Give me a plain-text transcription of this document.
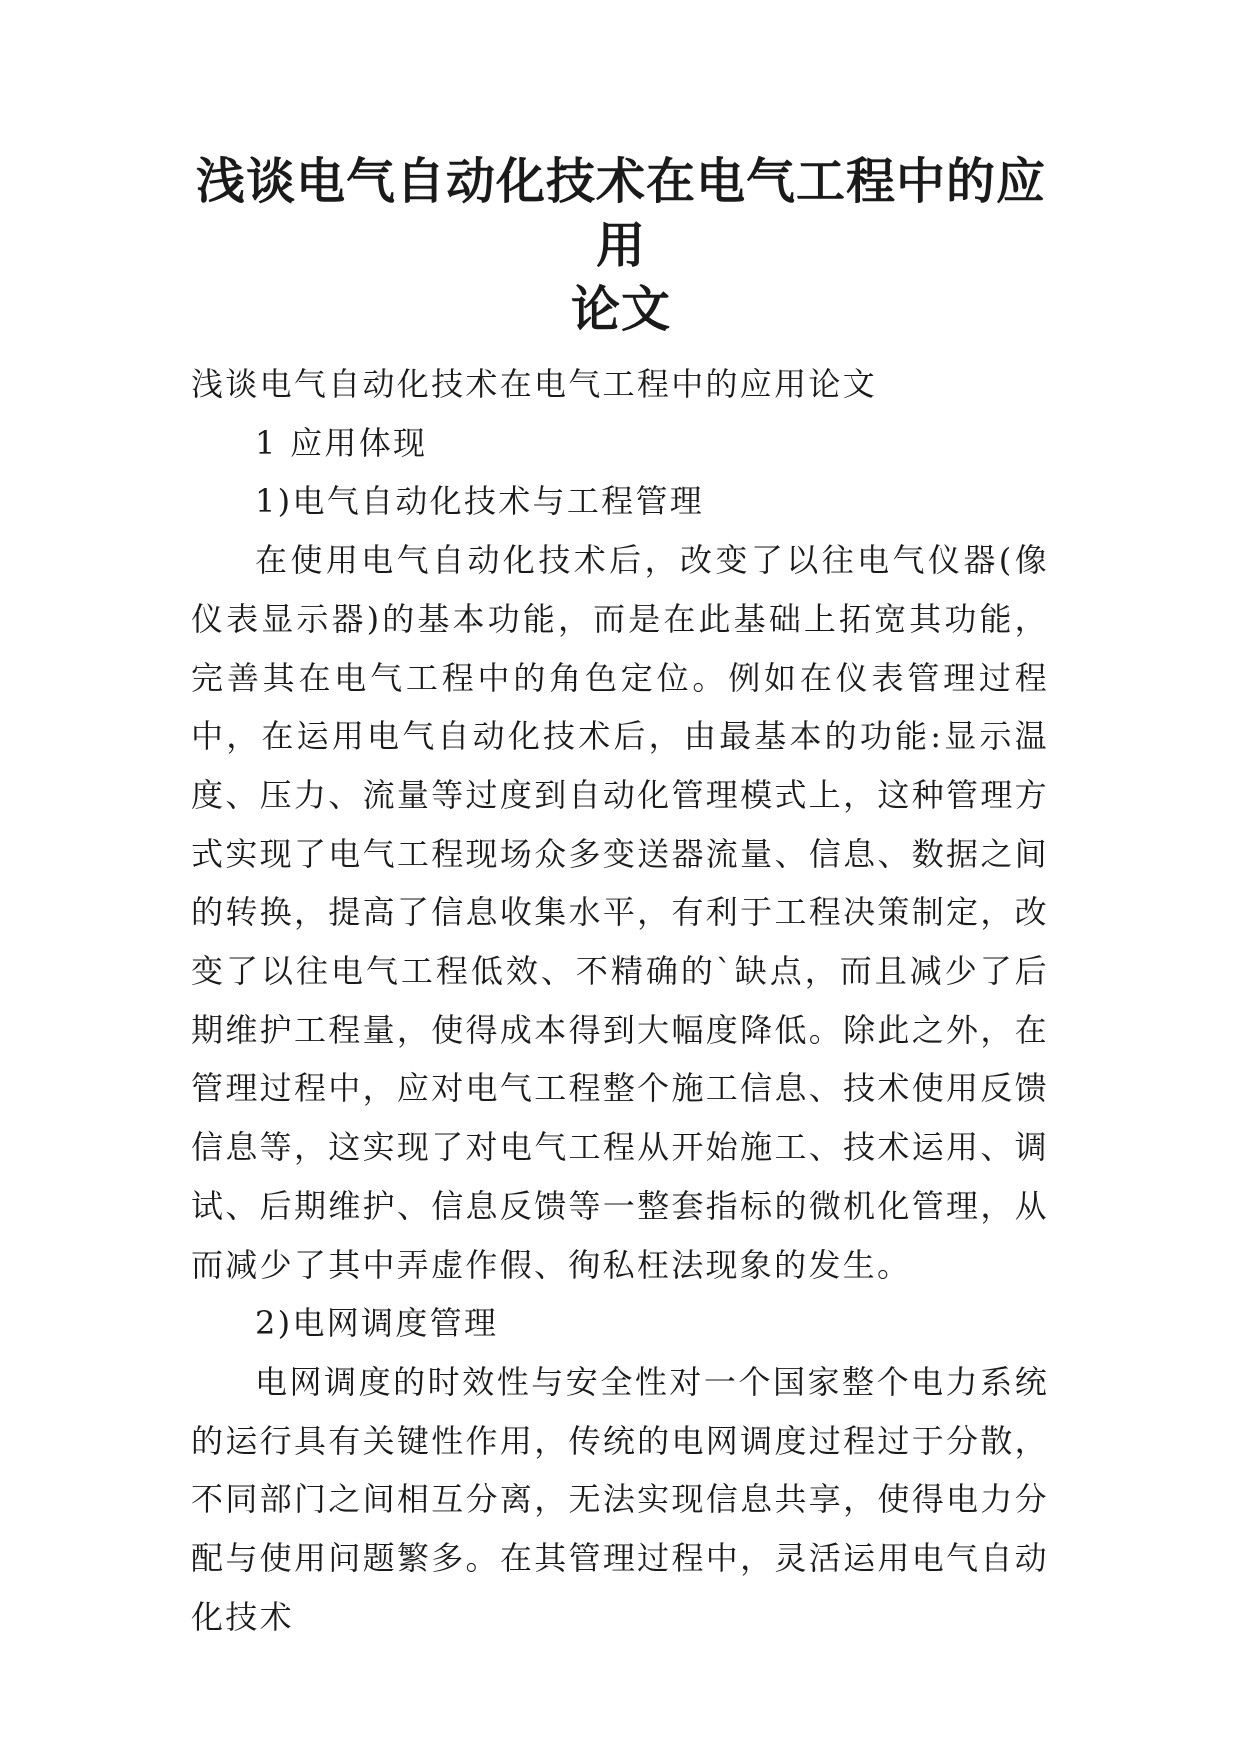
浅谈电气自动化技术在电气工程中的应用
论文

浅谈电气自动化技术在电气工程中的应用论文

1 应用体现

1)电气自动化技术与工程管理

在使用电气自动化技术后，改变了以往电气仪器(像仪表显示器)的基本功能，而是在此基础上拓宽其功能，完善其在电气工程中的角色定位。例如在仪表管理过程中，在运用电气自动化技术后，由最基本的功能:显示温度、压力、流量等过度到自动化管理模式上，这种管理方式实现了电气工程现场众多变送器流量、信息、数据之间的转换，提高了信息收集水平，有利于工程决策制定，改变了以往电气工程低效、不精确的`缺点，而且减少了后期维护工程量，使得成本得到大幅度降低。除此之外，在管理过程中，应对电气工程整个施工信息、技术使用反馈信息等，这实现了对电气工程从开始施工、技术运用、调试、后期维护、信息反馈等一整套指标的微机化管理，从而减少了其中弄虚作假、徇私枉法现象的发生。

2)电网调度管理

电网调度的时效性与安全性对一个国家整个电力系统的运行具有关键性作用，传统的电网调度过程过于分散，不同部门之间相互分离，无法实现信息共享，使得电力分配与使用问题繁多。在其管理过程中，灵活运用电气自动化技术
